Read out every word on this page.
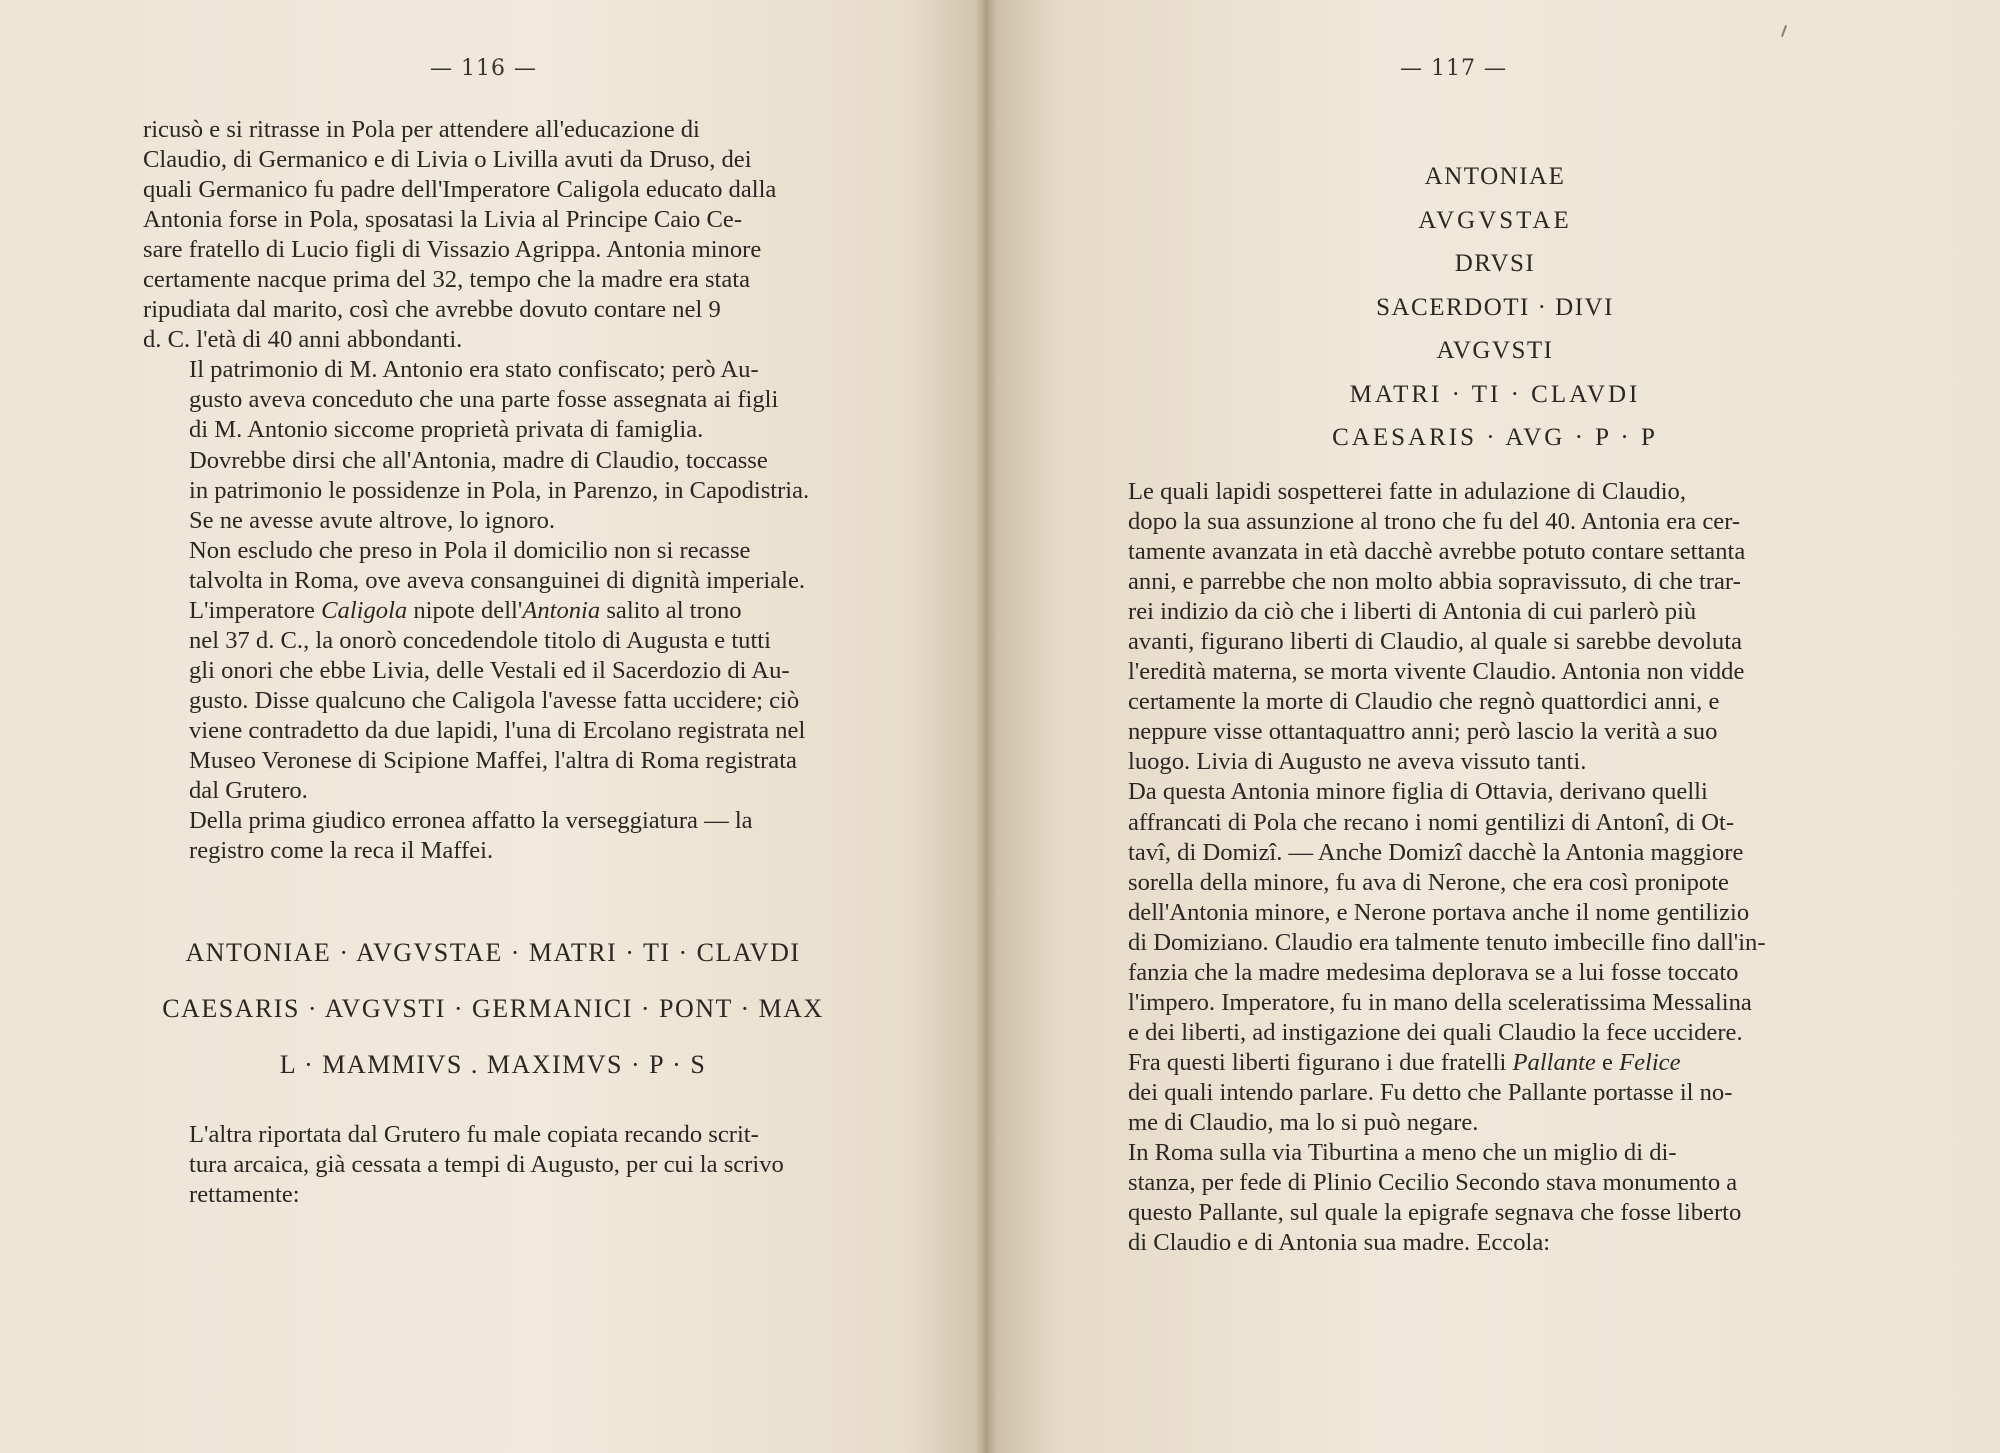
— 116 —

ricusò e si ritrasse in Pola per attendere all'educazione di
Claudio, di Germanico e di Livia o Livilla avuti da Druso, dei
quali Germanico fu padre dell'Imperatore Caligola educato dalla
Antonia forse in Pola, sposatasi la Livia al Principe Caio Ce-
sare fratello di Lucio figli di Vissazio Agrippa. Antonia minore
certamente nacque prima del 32, tempo che la madre era stata
ripudiata dal marito, così che avrebbe dovuto contare nel 9
d. C. l'età di 40 anni abbondanti.

Il patrimonio di M. Antonio era stato confiscato; però Au-
gusto aveva conceduto che una parte fosse assegnata ai figli
di M. Antonio siccome proprietà privata di famiglia.

Dovrebbe dirsi che all'Antonia, madre di Claudio, toccasse
in patrimonio le possidenze in Pola, in Parenzo, in Capodistria.
Se ne avesse avute altrove, lo ignoro.

Non escludo che preso in Pola il domicilio non si recasse
talvolta in Roma, ove aveva consanguinei di dignità imperiale.

L'imperatore Caligola nipote dell'Antonia salito al trono
nel 37 d. C., la onorò concedendole titolo di Augusta e tutti
gli onori che ebbe Livia, delle Vestali ed il Sacerdozio di Au-
gusto. Disse qualcuno che Caligola l'avesse fatta uccidere; ciò
viene contradetto da due lapidi, l'una di Ercolano registrata nel
Museo Veronese di Scipione Maffei, l'altra di Roma registrata
dal Grutero.

Della prima giudico erronea affatto la verseggiatura — la
registro come la reca il Maffei.

ANTONIAE · AVGVSTAE · MATRI · TI · CLAVDI
CAESARIS · AVGVSTI · GERMANICI · PONT · MAX
L · MAMMIVS . MAXIMVS · P · S

L'altra riportata dal Grutero fu male copiata recando scrit-
tura arcaica, già cessata a tempi di Augusto, per cui la scrivo
rettamente:

— 117 —
ANTONIAE
AVGVSTAE
DRVSI
SACERDOTI · DIVI
AVGVSTI
MATRI · TI · CLAVDI
CAESARIS · AVG · P · P

Le quali lapidi sospetterei fatte in adulazione di Claudio,
dopo la sua assunzione al trono che fu del 40. Antonia era cer-
tamente avanzata in età dacchè avrebbe potuto contare settanta
anni, e parrebbe che non molto abbia sopravissuto, di che trar-
rei indizio da ciò che i liberti di Antonia di cui parlerò più
avanti, figurano liberti di Claudio, al quale si sarebbe devoluta
l'eredità materna, se morta vivente Claudio. Antonia non vidde
certamente la morte di Claudio che regnò quattordici anni, e
neppure visse ottantaquattro anni; però lascio la verità a suo
luogo. Livia di Augusto ne aveva vissuto tanti.

Da questa Antonia minore figlia di Ottavia, derivano quelli
affrancati di Pola che recano i nomi gentilizi di Antonî, di Ot-
tavî, di Domizî. — Anche Domizî dacchè la Antonia maggiore
sorella della minore, fu ava di Nerone, che era così pronipote
dell'Antonia minore, e Nerone portava anche il nome gentilizio
di Domiziano. Claudio era talmente tenuto imbecille fino dall'in-
fanzia che la madre medesima deplorava se a lui fosse toccato
l'impero. Imperatore, fu in mano della sceleratissima Messalina
e dei liberti, ad instigazione dei quali Claudio la fece uccidere.

Fra questi liberti figurano i due fratelli Pallante e Felice
dei quali intendo parlare. Fu detto che Pallante portasse il no-
me di Claudio, ma lo si può negare.

In Roma sulla via Tiburtina a meno che un miglio di di-
stanza, per fede di Plinio Cecilio Secondo stava monumento a
questo Pallante, sul quale la epigrafe segnava che fosse liberto
di Claudio e di Antonia sua madre. Eccola:
